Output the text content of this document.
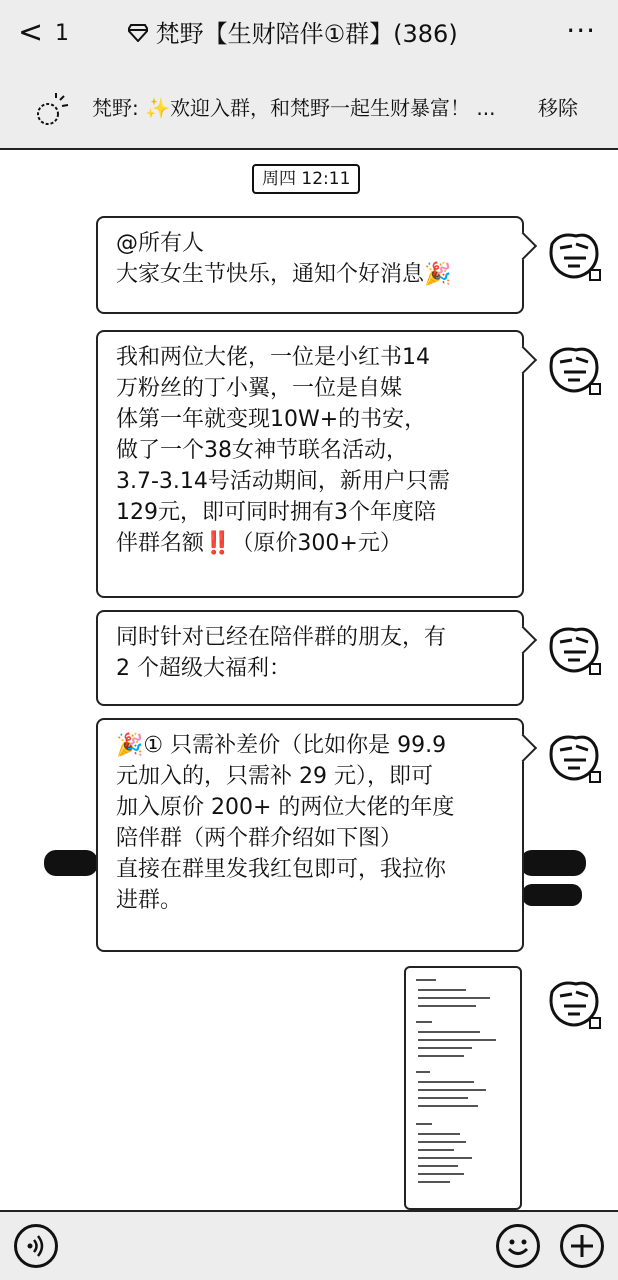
< 1	梵野【生财陪伴①群】(386)	···
梵野: ✨欢迎入群，和梵野一起生财暴富！ ... 移除
周四 12:11
@所有人
大家女生节快乐，通知个好消息🎉
我和两位大佬，一位是小红书14
万粉丝的丁小翼，一位是自媒
体第一年就变现10W+的书安，
做了一个38女神节联名活动，
3.7-3.14号活动期间，新用户只需
129元，即可同时拥有3个年度陪
伴群名额‼️（原价300+元）
同时针对已经在陪伴群的朋友，有
2 个超级大福利：
🎉① 只需补差价（比如你是 99.9
元加入的，只需补 29 元），即可
加入原价 200+ 的两位大佬的年度
陪伴群（两个群介绍如下图）
直接在群里发我红包即可，我拉你
进群。
